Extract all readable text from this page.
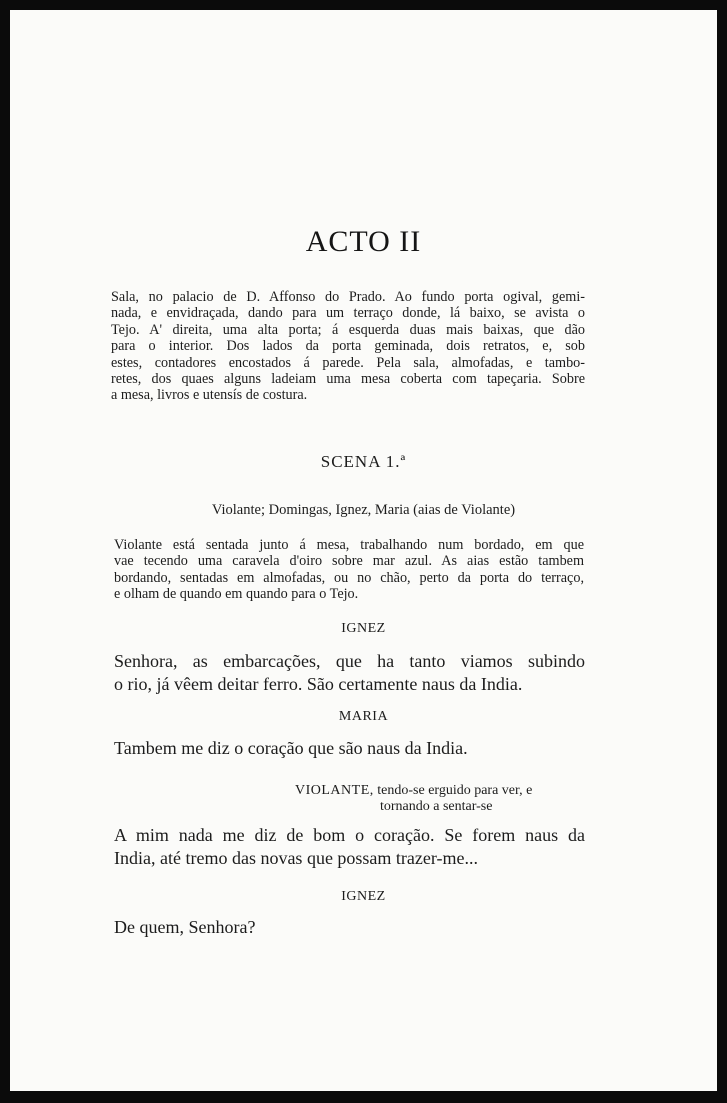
ACTO II
Sala, no palacio de D. Affonso do Prado. Ao fundo porta ogival, gemi-
nada, e envidraçada, dando para um terraço donde, lá baixo, se avista o
Tejo. A' direita, uma alta porta; á esquerda duas mais baixas, que dão
para o interior. Dos lados da porta geminada, dois retratos, e, sob
estes, contadores encostados á parede. Pela sala, almofadas, e tambo-
retes, dos quaes alguns ladeiam uma mesa coberta com tapeçaria. Sobre
a mesa, livros e utensís de costura.
SCENA 1.ª
Violante; Domingas, Ignez, Maria (aias de Violante)
Violante está sentada junto á mesa, trabalhando num bordado, em que
vae tecendo uma caravela d'oiro sobre mar azul. As aias estão tambem
bordando, sentadas em almofadas, ou no chão, perto da porta do terraço,
e olham de quando em quando para o Tejo.
IGNEZ
Senhora, as embarcações, que ha tanto viamos subindo
o rio, já vêem deitar ferro. São certamente naus da India.
MARIA
Tambem me diz o coração que são naus da India.
VIOLANTE, tendo-se erguido para ver, e
tornando a sentar-se
A mim nada me diz de bom o coração. Se forem naus da
India, até tremo das novas que possam trazer-me...
IGNEZ
De quem, Senhora?
